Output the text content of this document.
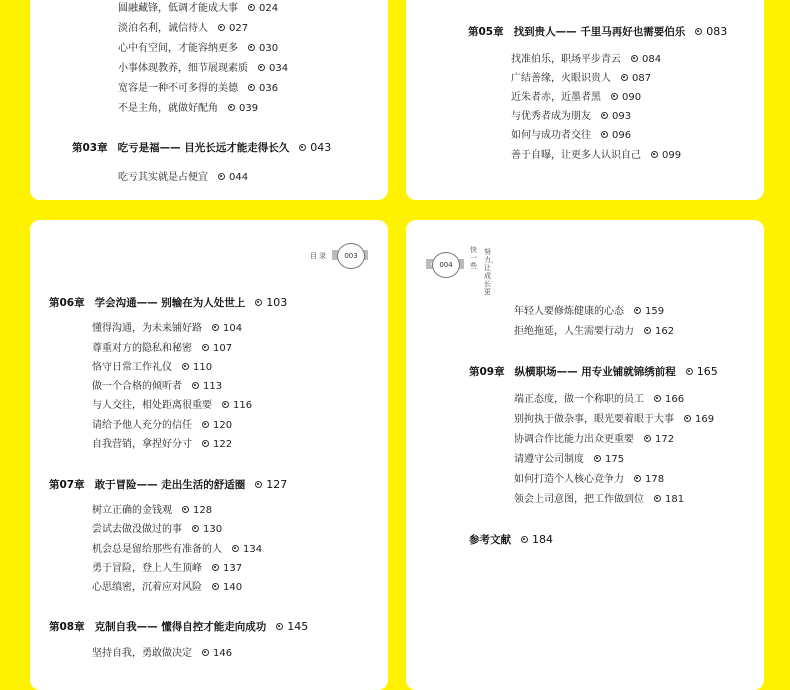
圆融藏锋，低调才能成大事 024
淡泊名利，诚信待人 027
心中有空间，才能容纳更多 030
小事体现教养，细节展现素质 034
宽容是一种不可多得的美德 036
不是主角，就做好配角 039
第03章 吃亏是福—— 目光长远才能走得长久 043
吃亏其实就是占便宜 044
第05章 找到贵人—— 千里马再好也需要伯乐 083
找准伯乐，职场平步青云 084
广结善缘，火眼识贵人 087
近朱者赤，近墨者黑 090
与优秀者成为朋友 093
如何与成功者交往 096
善于自曝，让更多人认识自己 099
目录	003
第06章 学会沟通—— 别输在为人处世上 103
懂得沟通，为未来铺好路 104
尊重对方的隐私和秘密 107
恪守日常工作礼仪 110
做一个合格的倾听者 113
与人交往，相处距离很重要 116
请给予他人充分的信任 120
自我营销，拿捏好分寸 122
第07章 敢于冒险—— 走出生活的舒适圈 127
树立正确的金钱观 128
尝试去做没做过的事 130
机会总是留给那些有准备的人 134
勇于冒险，登上人生顶峰 137
心思缜密，沉着应对风险 140
第08章 克制自我—— 懂得自控才能走向成功 145
坚持自我，勇敢做决定 146
004
快一些
努力，让成长更
年轻人要修炼健康的心态 159
拒绝拖延，人生需要行动力 162
第09章 纵横职场—— 用专业铺就锦绣前程 165
端正态度，做一个称职的员工 166
别拘执于做杂事，眼光要着眼于大事 169
协调合作比能力出众更重要 172
请遵守公司制度 175
如何打造个人核心竞争力 178
领会上司意图，把工作做到位 181
参考文献 184
